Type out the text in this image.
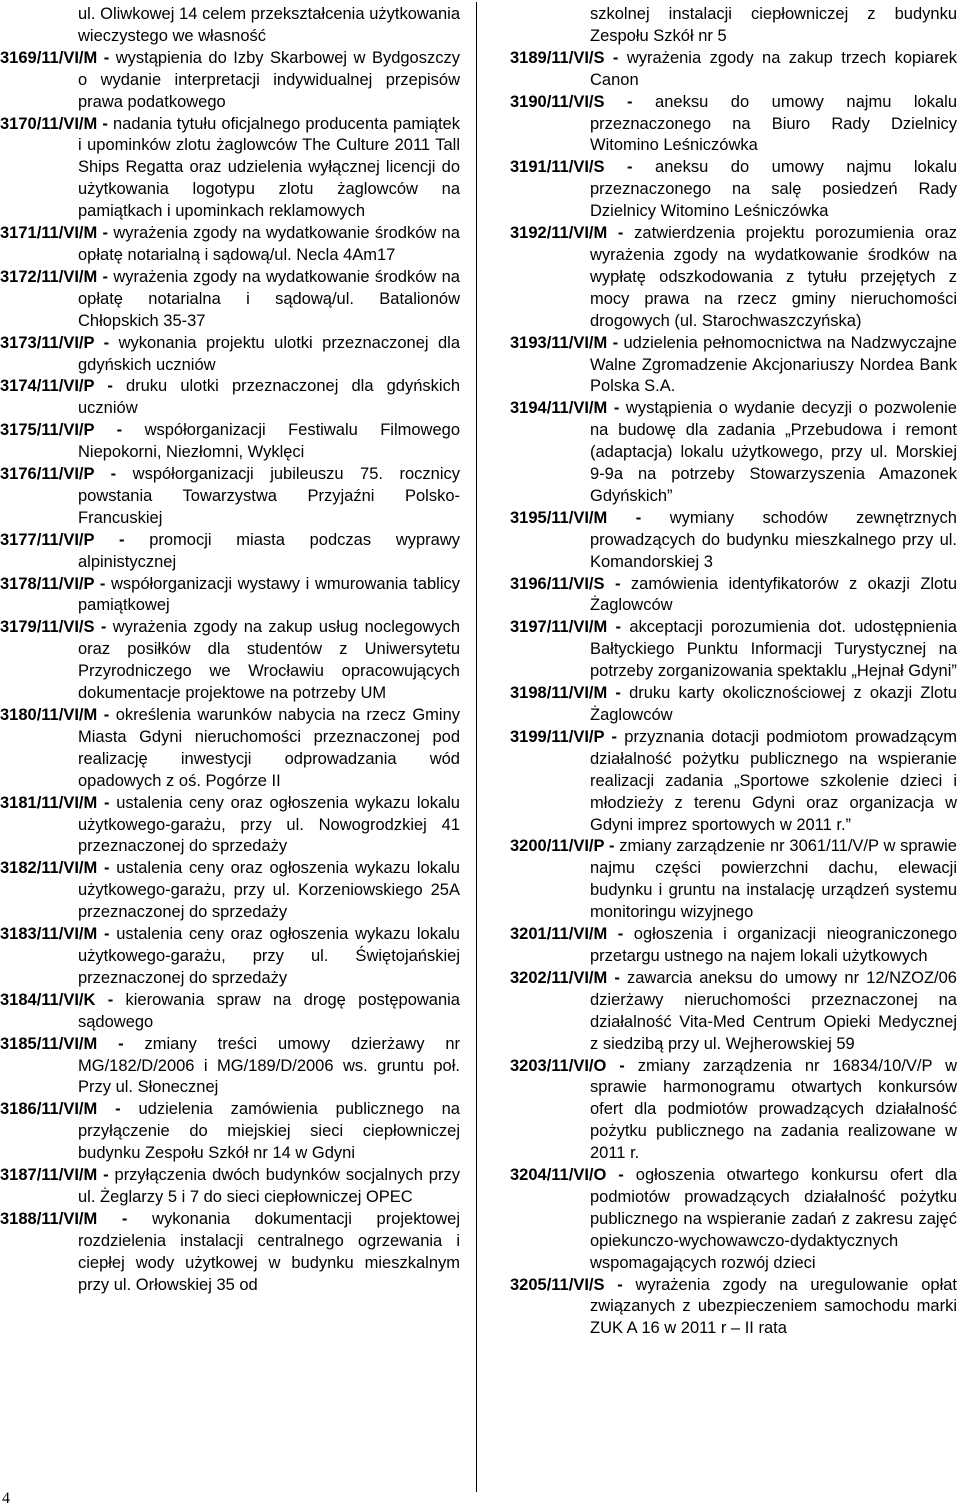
ul. Oliwkowej 14 celem przekształcenia użytkowania wieczystego we własność

3169/11/VI/M - wystąpienia do Izby Skarbowej w Bydgoszczy o wydanie interpretacji indywidualnej przepisów prawa podatkowego

3170/11/VI/M - nadania tytułu oficjalnego producenta pamiątek i upominków zlotu żaglowców The Culture 2011 Tall Ships Regatta oraz udzielenia wyłącznej licencji do użytkowania logotypu zlotu żaglowców na pamiątkach i upominkach reklamowych

3171/11/VI/M - wyrażenia zgody na wydatkowanie środków na opłatę notarialną i sądową/ul. Necla 4Am17

3172/11/VI/M - wyrażenia zgody na wydatkowanie środków na opłatę notarialna i sądową/ul. Batalionów Chłopskich 35-37

3173/11/VI/P - wykonania projektu ulotki przeznaczonej dla gdyńskich uczniów

3174/11/VI/P - druku ulotki przeznaczonej dla gdyńskich uczniów

3175/11/VI/P - współorganizacji Festiwalu Filmowego Niepokorni, Niezłomni, Wyklęci

3176/11/VI/P - współorganizacji jubileuszu 75. rocznicy powstania Towarzystwa Przyjaźni Polsko-Francuskiej

3177/11/VI/P - promocji miasta podczas wyprawy alpinistycznej

3178/11/VI/P - współorganizacji wystawy i wmurowania tablicy pamiątkowej

3179/11/VI/S - wyrażenia zgody na zakup usług noclegowych oraz posiłków dla studentów z Uniwersytetu Przyrodniczego we Wrocławiu opracowujących dokumentacje projektowe na potrzeby UM

3180/11/VI/M - określenia warunków nabycia na rzecz Gminy Miasta Gdyni nieruchomości przeznaczonej pod realizację inwestycji odprowadzania wód opadowych z oś. Pogórze II

3181/11/VI/M - ustalenia ceny oraz ogłoszenia wykazu lokalu użytkowego-garażu, przy ul. Nowogrodzkiej 41 przeznaczonej do sprzedaży

3182/11/VI/M - ustalenia ceny oraz ogłoszenia wykazu lokalu użytkowego-garażu, przy ul. Korzeniowskiego 25A przeznaczonej do sprzedaży

3183/11/VI/M - ustalenia ceny oraz ogłoszenia wykazu lokalu użytkowego-garażu, przy ul. Świętojańskiej przeznaczonej do sprzedaży

3184/11/VI/K - kierowania spraw na drogę postępowania sądowego

3185/11/VI/M - zmiany treści umowy dzierżawy nr MG/182/D/2006 i MG/189/D/2006 ws. gruntu poł. Przy ul. Słonecznej

3186/11/VI/M - udzielenia zamówienia publicznego na przyłączenie do miejskiej sieci ciepłowniczej budynku Zespołu Szkół nr 14 w Gdyni

3187/11/VI/M - przyłączenia dwóch budynków socjalnych przy ul. Żeglarzy 5 i 7 do sieci ciepłowniczej OPEC

3188/11/VI/M - wykonania dokumentacji projektowej rozdzielenia instalacji centralnego ogrzewania i ciepłej wody użytkowej w budynku mieszkalnym przy ul. Orłowskiej 35 od

szkolnej instalacji ciepłowniczej z budynku Zespołu Szkół nr 5

3189/11/VI/S - wyrażenia zgody na zakup trzech kopiarek Canon

3190/11/VI/S - aneksu do umowy najmu lokalu przeznaczonego na Biuro Rady Dzielnicy Witomino Leśniczówka

3191/11/VI/S - aneksu do umowy najmu lokalu przeznaczonego na salę posiedzeń Rady Dzielnicy Witomino Leśniczówka

3192/11/VI/M - zatwierdzenia projektu porozumienia oraz wyrażenia zgody na wydatkowanie środków na wypłatę odszkodowania z tytułu przejętych z mocy prawa na rzecz gminy nieruchomości drogowych (ul. Starochwaszczyńska)

3193/11/VI/M - udzielenia pełnomocnictwa na Nadzwyczajne Walne Zgromadzenie Akcjonariuszy Nordea Bank Polska S.A.

3194/11/VI/M - wystąpienia o wydanie decyzji o pozwolenie na budowę dla zadania „Przebudowa i remont (adaptacja) lokalu użytkowego, przy ul. Morskiej 9-9a na potrzeby Stowarzyszenia Amazonek Gdyńskich”

3195/11/VI/M - wymiany schodów zewnętrznych prowadzących do budynku mieszkalnego przy ul. Komandorskiej 3

3196/11/VI/S - zamówienia identyfikatorów z okazji Zlotu Żaglowców

3197/11/VI/M - akceptacji porozumienia dot. udostępnienia Bałtyckiego Punktu Informacji Turystycznej na potrzeby zorganizowania spektaklu „Hejnał Gdyni”

3198/11/VI/M - druku karty okolicznościowej z okazji Zlotu Żaglowców

3199/11/VI/P - przyznania dotacji podmiotom prowadzącym działalność pożytku publicznego na wspieranie realizacji zadania „Sportowe szkolenie dzieci i młodzieży z terenu Gdyni oraz organizacja w Gdyni imprez sportowych w 2011 r.”

3200/11/VI/P - zmiany zarządzenie nr 3061/11/V/P w sprawie najmu części powierzchni dachu, elewacji budynku i gruntu na instalację urządzeń systemu monitoringu wizyjnego

3201/11/VI/M - ogłoszenia i organizacji nieograniczonego przetargu ustnego na najem lokali użytkowych

3202/11/VI/M - zawarcia aneksu do umowy nr 12/NZOZ/06 dzierżawy nieruchomości przeznaczonej na działalność Vita-Med Centrum Opieki Medycznej z siedzibą przy ul. Wejherowskiej 59

3203/11/VI/O - zmiany zarządzenia nr 16834/10/V/P w sprawie harmonogramu otwartych konkursów ofert dla podmiotów prowadzących działalność pożytku publicznego na zadania realizowane w 2011 r.

3204/11/VI/O - ogłoszenia otwartego konkursu ofert dla podmiotów prowadzących działalność pożytku publicznego na wspieranie zadań z zakresu zajęć opiekunczo-wychowawczo-dydaktycznych wspomagających rozwój dzieci

3205/11/VI/S - wyrażenia zgody na uregulowanie opłat związanych z ubezpieczeniem samochodu marki ZUK A 16 w 2011 r – II rata

4
